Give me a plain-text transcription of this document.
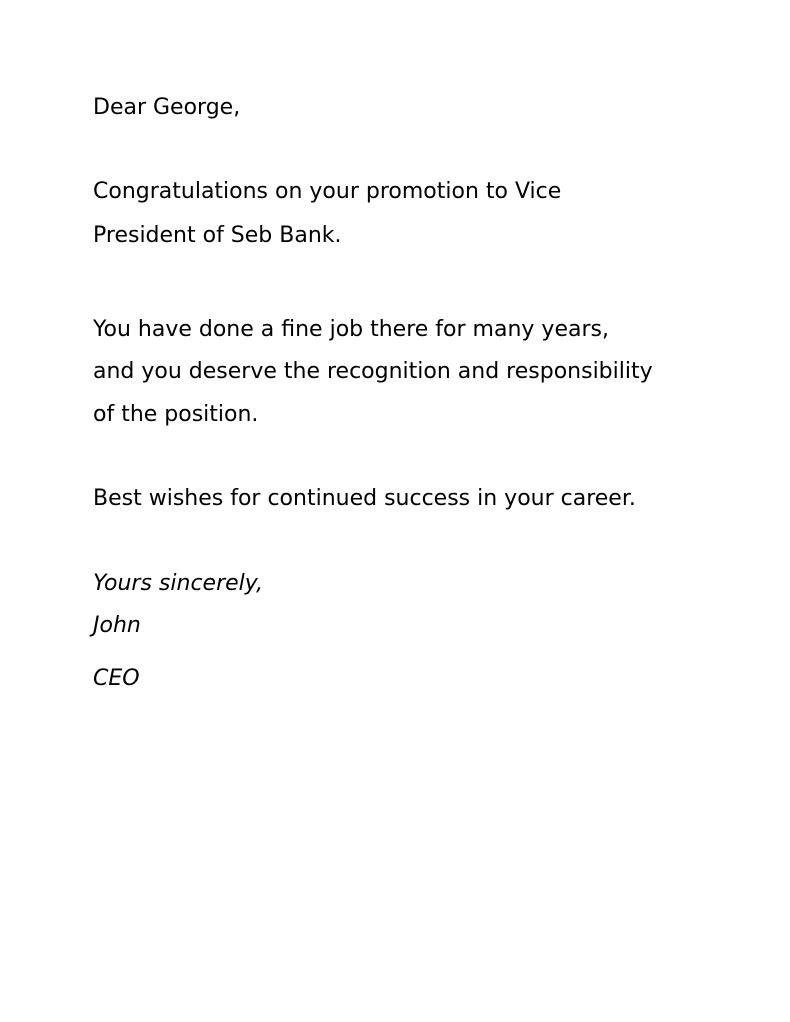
Dear George,

Congratulations on your promotion to Vice

President of Seb Bank.

You have done a fine job there for many years,

and you deserve the recognition and responsibility

of the position.

Best wishes for continued success in your career.

Yours sincerely,

John

CEO
